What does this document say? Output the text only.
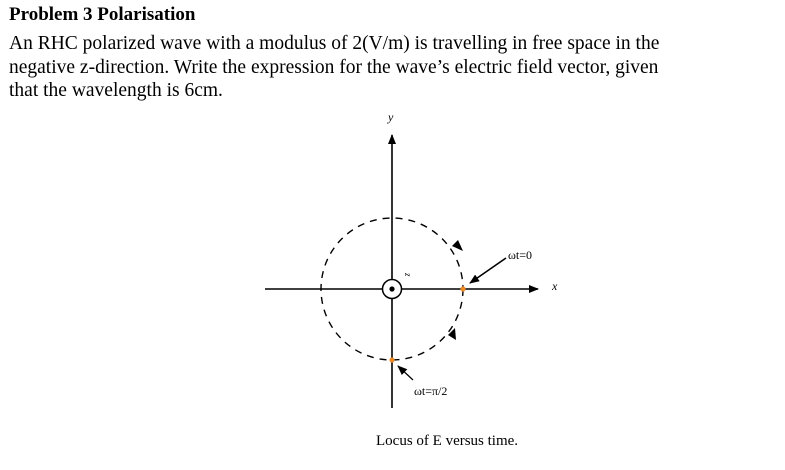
Problem 3 Polarisation
An RHC polarized wave with a modulus of 2(V/m) is travelling in free space in the
negative z-direction. Write the expression for the wave’s electric field vector, given
that the wavelength is 6cm.
y
x
z
ωt=0
ωt=π/2
Locus of E versus time.
